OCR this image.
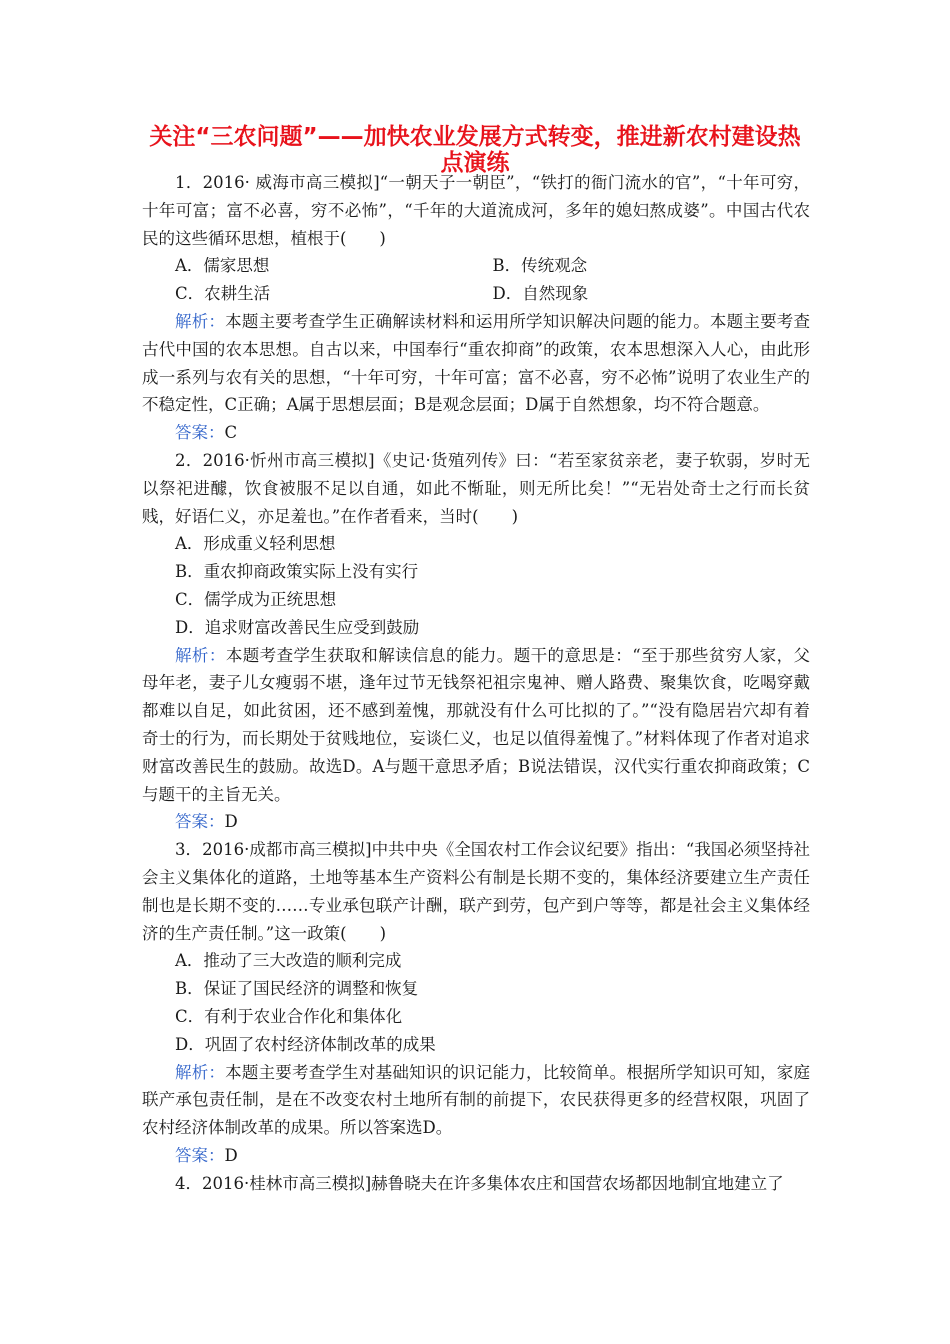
关注“三农问题”——加快农业发展方式转变，推进新农村建设热点演练

1．2016· 威海市高三模拟]“一朝天子一朝臣”，“铁打的衙门流水的官”，“十年可穷，十年可富；富不必喜，穷不必怖”，“千年的大道流成河，多年的媳妇熬成婆”。中国古代农民的这些循环思想，植根于(　　)

A．儒家思想	B．传统观念
C．农耕生活	D．自然现象

解析：本题主要考查学生正确解读材料和运用所学知识解决问题的能力。本题主要考查古代中国的农本思想。自古以来，中国奉行“重农抑商”的政策，农本思想深入人心，由此形成一系列与农有关的思想，“十年可穷，十年可富；富不必喜，穷不必怖”说明了农业生产的不稳定性，C正确；A属于思想层面；B是观念层面；D属于自然想象，均不符合题意。

答案：C

2．2016·忻州市高三模拟]《史记·货殖列传》曰：“若至家贫亲老，妻子软弱，岁时无以祭祀进醵，饮食被服不足以自通，如此不惭耻，则无所比矣！”“无岩处奇士之行而长贫贱，好语仁义，亦足羞也。”在作者看来，当时(　　)

A．形成重义轻利思想
B．重农抑商政策实际上没有实行
C．儒学成为正统思想
D．追求财富改善民生应受到鼓励

解析：本题考查学生获取和解读信息的能力。题干的意思是：“至于那些贫穷人家，父母年老，妻子儿女瘦弱不堪，逢年过节无钱祭祀祖宗鬼神、赠人路费、聚集饮食，吃喝穿戴都难以自足，如此贫困，还不感到羞愧，那就没有什么可比拟的了。”“没有隐居岩穴却有着奇士的行为，而长期处于贫贱地位，妄谈仁义，也足以值得羞愧了。”材料体现了作者对追求财富改善民生的鼓励。故选D。A与题干意思矛盾；B说法错误，汉代实行重农抑商政策；C与题干的主旨无关。

答案：D

3．2016·成都市高三模拟]中共中央《全国农村工作会议纪要》指出：“我国必须坚持社会主义集体化的道路，土地等基本生产资料公有制是长期不变的，集体经济要建立生产责任制也是长期不变的……专业承包联产计酬，联产到劳，包产到户等等，都是社会主义集体经济的生产责任制。”这一政策(　　)

A．推动了三大改造的顺利完成
B．保证了国民经济的调整和恢复
C．有利于农业合作化和集体化
D．巩固了农村经济体制改革的成果

解析：本题主要考查学生对基础知识的识记能力，比较简单。根据所学知识可知，家庭联产承包责任制，是在不改变农村土地所有制的前提下，农民获得更多的经营权限，巩固了农村经济体制改革的成果。所以答案选D。

答案：D

4．2016·桂林市高三模拟]赫鲁晓夫在许多集体农庄和国营农场都因地制宜地建立了
